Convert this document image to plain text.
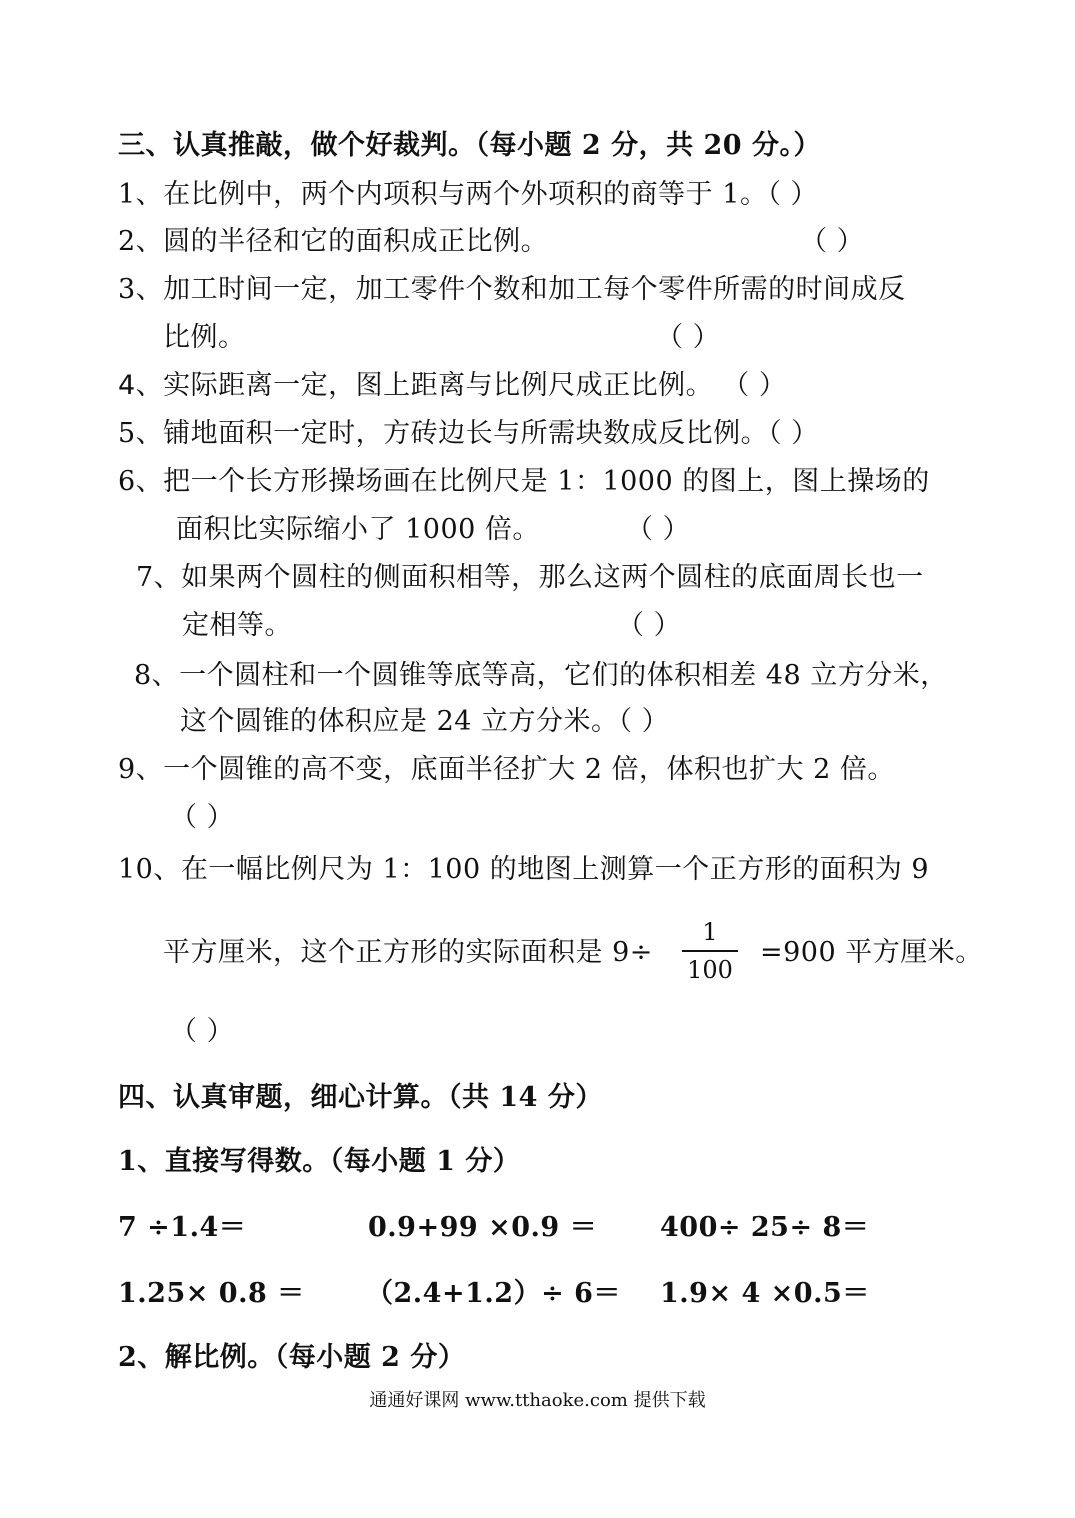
三、认真推敲，做个好裁判。（每小题 2 分，共 20 分。）
1、在比例中，两个内项积与两个外项积的商等于 1。（ ）
2、圆的半径和它的面积成正比例。	（ ）
3、加工时间一定，加工零件个数和加工每个零件所需的时间成反
比例。	（ ）
4、实际距离一定，图上距离与比例尺成正比例。 （ ）
5、铺地面积一定时，方砖边长与所需块数成反比例。（ ）
6、把一个长方形操场画在比例尺是 1：1000 的图上，图上操场的
面积比实际缩小了 1000 倍。	（ ）
7、如果两个圆柱的侧面积相等，那么这两个圆柱的底面周长也一
定相等。	（ ）
8、一个圆柱和一个圆锥等底等高，它们的体积相差 48 立方分米，
这个圆锥的体积应是 24 立方分米。（ ）
9、一个圆锥的高不变，底面半径扩大 2 倍，体积也扩大 2 倍。
（ ）
10、在一幅比例尺为 1：100 的地图上测算一个正方形的面积为 9
平方厘米，这个正方形的实际面积是 9÷
1
100
=900 平方厘米。
（ ）
四、认真审题，细心计算。（共 14 分）
1、直接写得数。（每小题 1 分）
7 ÷1.4＝	0.9+99 ×0.9 ＝ 400÷ 25÷ 8＝
1.25× 0.8 ＝ （2.4+1.2）÷ 6＝ 1.9× 4 ×0.5＝
2、解比例。（每小题 2 分）
通通好课网 www.tthaoke.com 提供下载
